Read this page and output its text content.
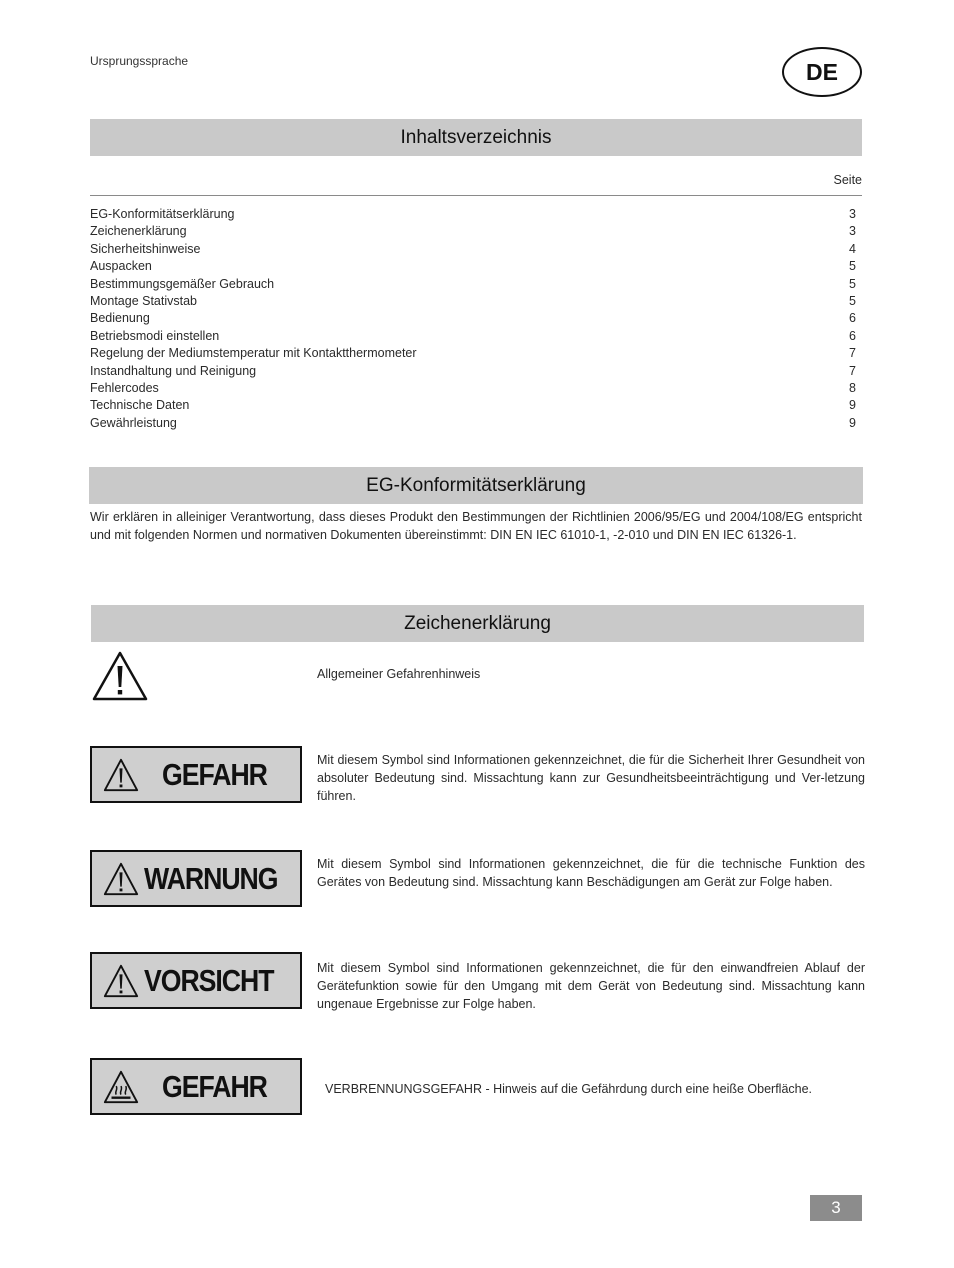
Ursprungssprache	DE
Inhaltsverzeichnis
Seite
EG-Konformitätserklärung	3
Zeichenerklärung	3
Sicherheitshinweise	4
Auspacken	5
Bestimmungsgemäßer Gebrauch	5
Montage Stativstab	5
Bedienung	6
Betriebsmodi einstellen	6
Regelung der Mediumstemperatur mit Kontaktthermometer	7
Instandhaltung und Reinigung	7
Fehlercodes	8
Technische Daten	9
Gewährleistung	9
EG-Konformitätserklärung

Wir erklären in alleiniger Verantwortung, dass dieses Produkt den Bestimmungen der Richtlinien 2006/95/EG und 2004/108/EG entspricht und mit folgenden Normen und normativen Dokumenten übereinstimmt: DIN EN IEC 61010-1, -2-010 und DIN EN IEC 61326-1.

Zeichenerklärung
Allgemeiner Gefahrenhinweis
GEFAHR	Mit diesem Symbol sind Informationen gekennzeichnet, die für die Sicherheit Ihrer Gesundheit von absoluter Bedeutung sind. Missachtung kann zur Gesundheitsbeeinträchtigung und Ver-letzung führen.

WARNUNG	Mit diesem Symbol sind Informationen gekennzeichnet, die für die technische Funktion des Gerätes von Bedeutung sind. Missachtung kann Beschädigungen am Gerät zur Folge haben.

VORSICHT	Mit diesem Symbol sind Informationen gekennzeichnet, die für den einwandfreien Ablauf der Gerätefunktion sowie für den Umgang mit dem Gerät von Bedeutung sind. Missachtung kann ungenaue Ergebnisse zur Folge haben.

GEFAHR	VERBRENNUNGSGEFAHR - Hinweis auf die Gefährdung durch eine heiße Oberfläche.

3
